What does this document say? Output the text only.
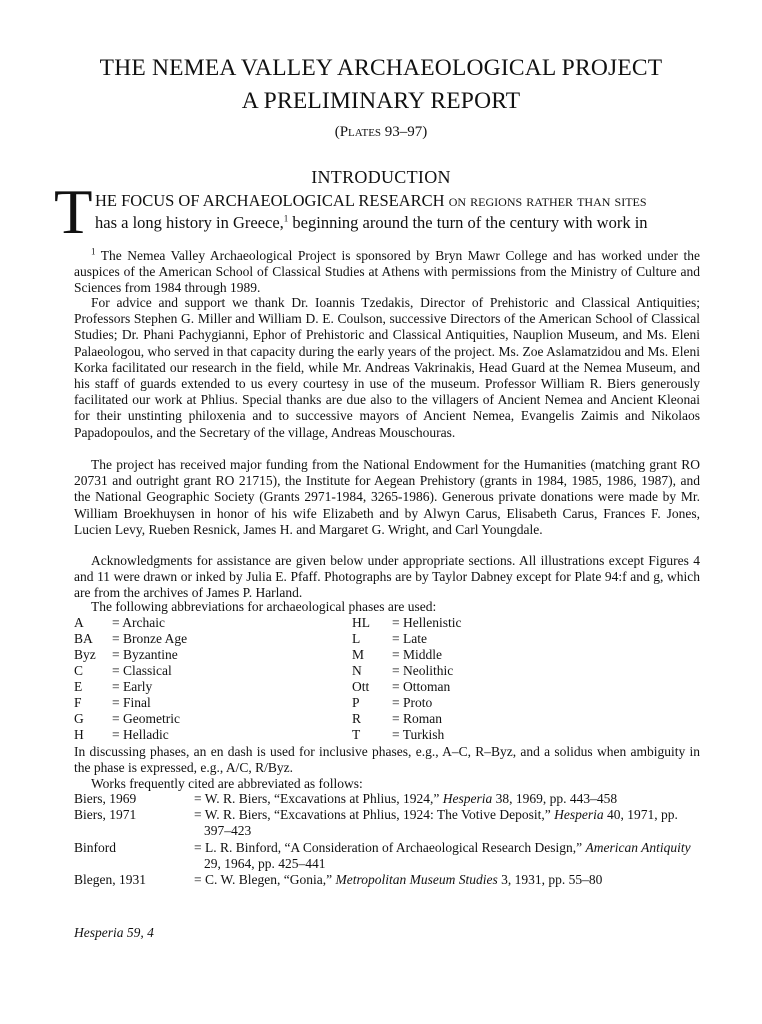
THE NEMEA VALLEY ARCHAEOLOGICAL PROJECT
A PRELIMINARY REPORT
(Plates 93–97)
INTRODUCTION
T HE FOCUS OF ARCHAEOLOGICAL RESEARCH on regions rather than sites
has a long history in Greece,$^1$ beginning around the turn of the century with work in

$^1$ The Nemea Valley Archaeological Project is sponsored by Bryn Mawr College and has worked under the auspices of the American School of Classical Studies at Athens with permissions from the Ministry of Culture and Sciences from 1984 through 1989.

For advice and support we thank Dr. Ioannis Tzedakis, Director of Prehistoric and Classical Antiquities; Professors Stephen G. Miller and William D. E. Coulson, successive Directors of the American School of Classical Studies; Dr. Phani Pachygianni, Ephor of Prehistoric and Classical Antiquities, Nauplion Museum, and Ms. Eleni Palaeologou, who served in that capacity during the early years of the project. Ms. Zoe Aslamatzidou and Ms. Eleni Korka facilitated our research in the field, while Mr. Andreas Vakrinakis, Head Guard at the Nemea Museum, and his staff of guards extended to us every courtesy in use of the museum. Professor William R. Biers generously facilitated our work at Phlius. Special thanks are due also to the villagers of Ancient Nemea and Ancient Kleonai for their unstinting philoxenia and to successive mayors of Ancient Nemea, Evangelis Zaimis and Nikolaos Papadopoulos, and the Secretary of the village, Andreas Mouschouras.

The project has received major funding from the National Endowment for the Humanities (matching grant RO 20731 and outright grant RO 21715), the Institute for Aegean Prehistory (grants in 1984, 1985, 1986, 1987), and the National Geographic Society (Grants 2971-1984, 3265-1986). Generous private donations were made by Mr. William Broekhuysen in honor of his wife Elizabeth and by Alwyn Carus, Elisabeth Carus, Frances F. Jones, Lucien Levy, Rueben Resnick, James H. and Margaret G. Wright, and Carl Youngdale.

Acknowledgments for assistance are given below under appropriate sections. All illustrations except Figures 4 and 11 were drawn or inked by Julia E. Pfaff. Photographs are by Taylor Dabney except for Plate 94:f and g, which are from the archives of James P. Harland.

The following abbreviations for archaeological phases are used:

A = Archaic	HL = Hellenistic
BA = Bronze Age	L = Late
Byz = Byzantine	M = Middle
C = Classical	N = Neolithic
E = Early	Ott = Ottoman
F = Final	P = Proto
G = Geometric	R = Roman
H = Helladic	T = Turkish

In discussing phases, an en dash is used for inclusive phases, e.g., A–C, R–Byz, and a solidus when ambiguity in the phase is expressed, e.g., A/C, R/Byz.

Works frequently cited are abbreviated as follows:
Biers, 1969	= W. R. Biers, “Excavations at Phlius, 1924,” Hesperia 38, 1969, pp. 443–458
Biers, 1971	= W. R. Biers, “Excavations at Phlius, 1924: The Votive Deposit,” Hesperia 40, 1971, pp. 397–423
Binford	= L. R. Binford, “A Consideration of Archaeological Research Design,” American Antiquity 29, 1964, pp. 425–441
Blegen, 1931	= C. W. Blegen, “Gonia,” Metropolitan Museum Studies 3, 1931, pp. 55–80
Hesperia 59, 4
